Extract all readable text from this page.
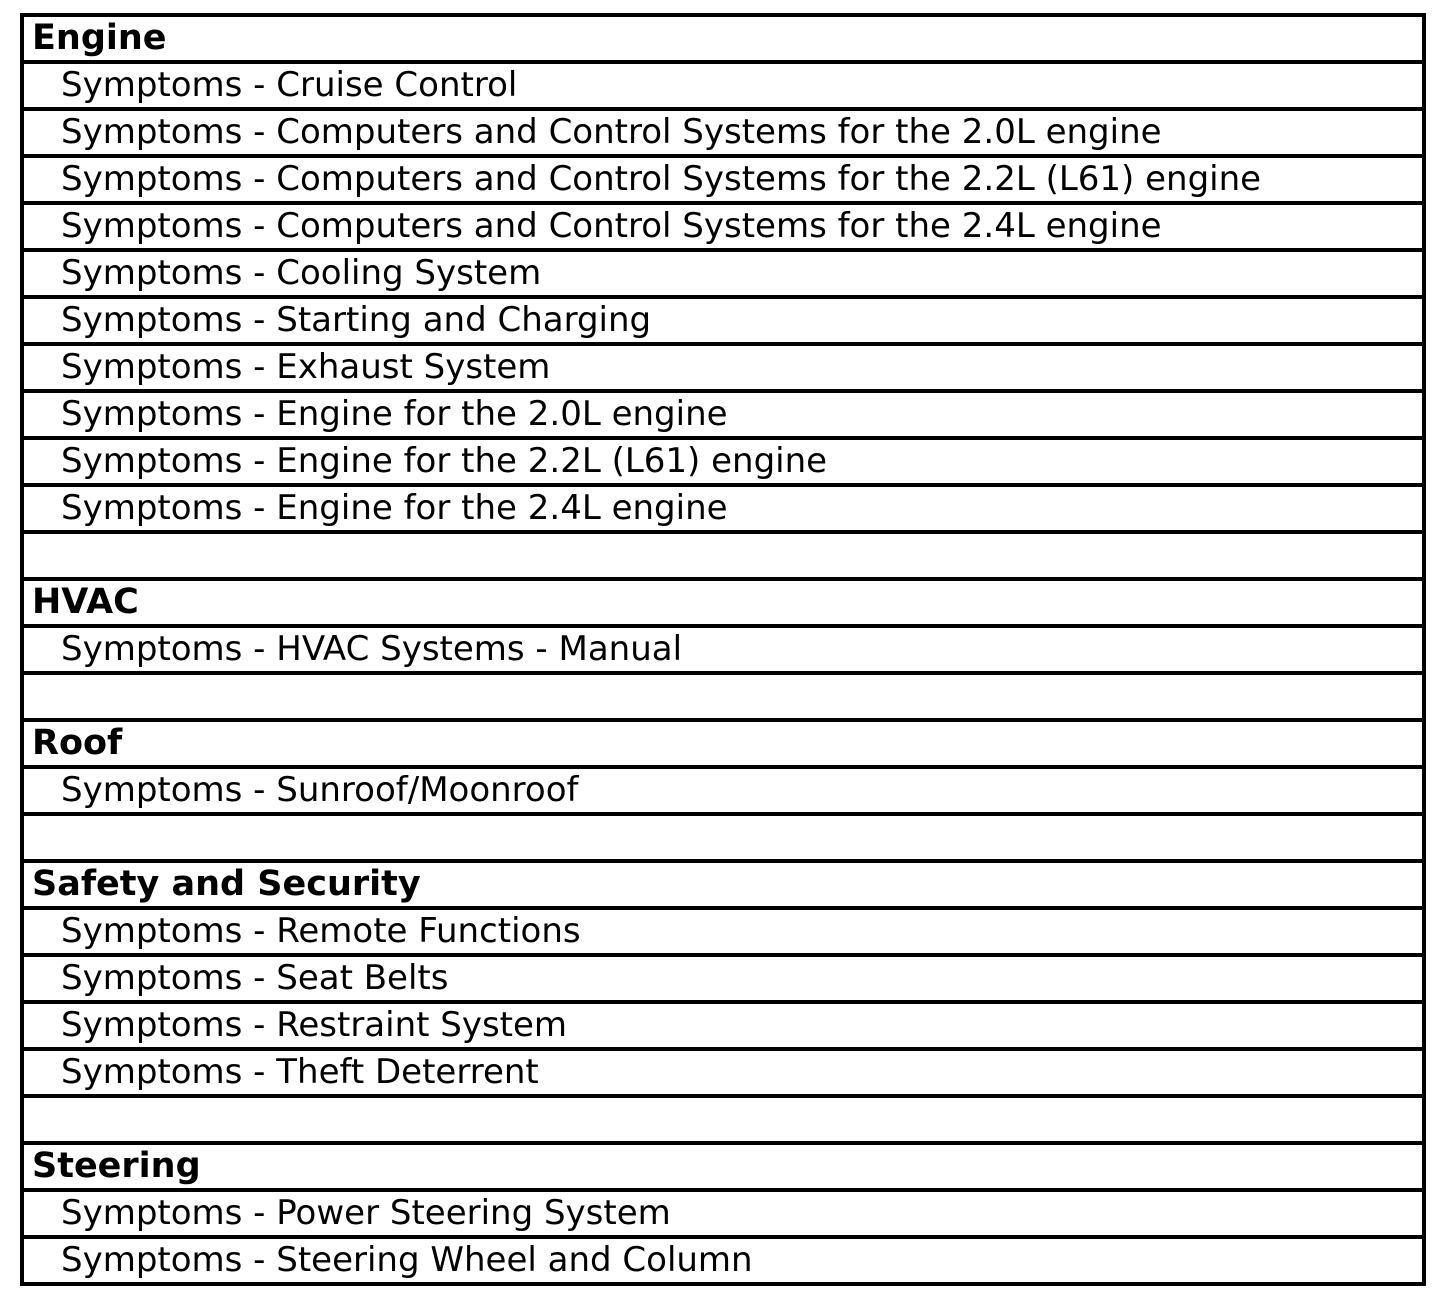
Engine
Symptoms - Cruise Control
Symptoms - Computers and Control Systems for the 2.0L engine
Symptoms - Computers and Control Systems for the 2.2L (L61) engine
Symptoms - Computers and Control Systems for the 2.4L engine
Symptoms - Cooling System
Symptoms - Starting and Charging
Symptoms - Exhaust System
Symptoms - Engine for the 2.0L engine
Symptoms - Engine for the 2.2L (L61) engine
Symptoms - Engine for the 2.4L engine
HVAC
Symptoms - HVAC Systems - Manual
Roof
Symptoms - Sunroof/Moonroof
Safety and Security
Symptoms - Remote Functions
Symptoms - Seat Belts
Symptoms - Restraint System
Symptoms - Theft Deterrent
Steering
Symptoms - Power Steering System
Symptoms - Steering Wheel and Column
